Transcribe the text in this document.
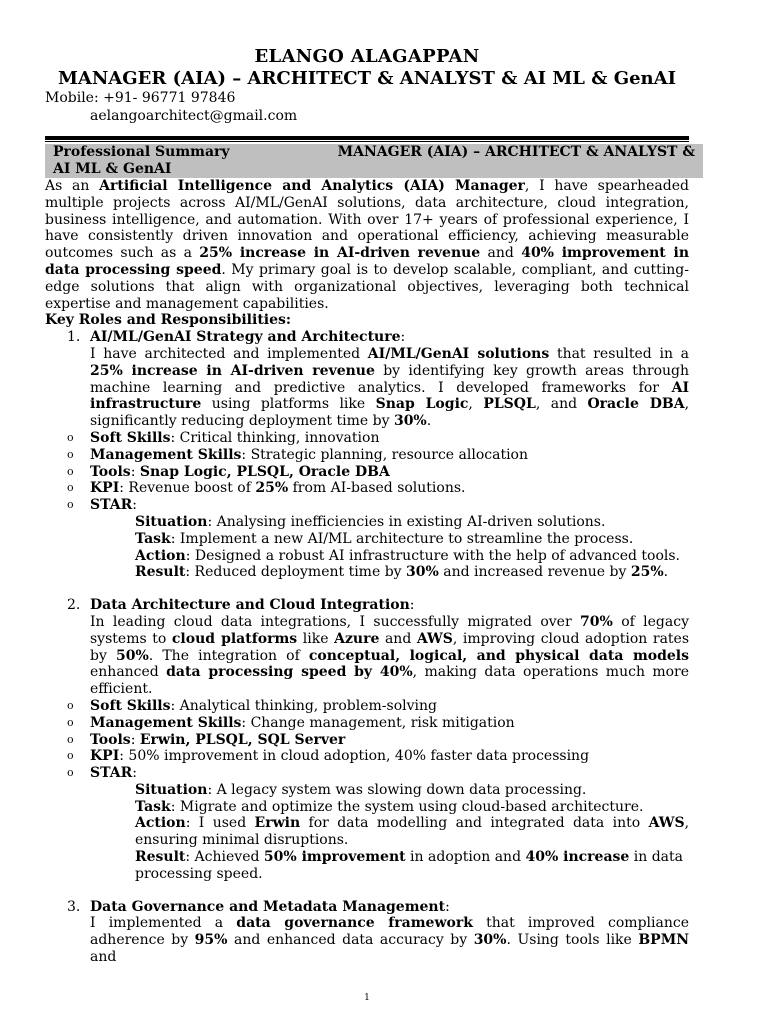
ELANGO ALAGAPPAN
MANAGER (AIA) – ARCHITECT & ANALYST & AI ML & GenAI
Mobile: +91- 96771 97846
aelangoarchitect@gmail.com
Professional Summary	MANAGER (AIA) – ARCHITECT & ANALYST &
AI ML & GenAI

As an Artificial Intelligence and Analytics (AIA) Manager, I have spearheaded multiple projects across AI/ML/GenAI solutions, data architecture, cloud integration, business intelligence, and automation. With over 17+ years of professional experience, I have consistently driven innovation and operational efficiency, achieving measurable outcomes such as a 25% increase in AI-driven revenue and 40% improvement in data processing speed. My primary goal is to develop scalable, compliant, and cutting-edge solutions that align with organizational objectives, leveraging both technical expertise and management capabilities.

Key Roles and Responsibilities:

1. AI/ML/GenAI Strategy and Architecture:

I have architected and implemented AI/ML/GenAI solutions that resulted in a 25% increase in AI-driven revenue by identifying key growth areas through machine learning and predictive analytics. I developed frameworks for AI infrastructure using platforms like Snap Logic, PLSQL, and Oracle DBA, significantly reducing deployment time by 30%.

o Soft Skills: Critical thinking, innovation
o Management Skills: Strategic planning, resource allocation
o Tools: Snap Logic, PLSQL, Oracle DBA
o KPI: Revenue boost of 25% from AI-based solutions.
o STAR:

Situation: Analysing inefficiencies in existing AI-driven solutions.

Task: Implement a new AI/ML architecture to streamline the process.

Action: Designed a robust AI infrastructure with the help of advanced tools.

Result: Reduced deployment time by 30% and increased revenue by 25%.

2. Data Architecture and Cloud Integration:

In leading cloud data integrations, I successfully migrated over 70% of legacy systems to cloud platforms like Azure and AWS, improving cloud adoption rates by 50%. The integration of conceptual, logical, and physical data models enhanced data processing speed by 40%, making data operations much more efficient.

o Soft Skills: Analytical thinking, problem-solving
o Management Skills: Change management, risk mitigation
o Tools: Erwin, PLSQL, SQL Server
o KPI: 50% improvement in cloud adoption, 40% faster data processing
o STAR:

Situation: A legacy system was slowing down data processing.

Task: Migrate and optimize the system using cloud-based architecture.

Action: I used Erwin for data modelling and integrated data into AWS, ensuring minimal disruptions.

Result: Achieved 50% improvement in adoption and 40% increase in data processing speed.

3. Data Governance and Metadata Management:

I implemented a data governance framework that improved compliance adherence by 95% and enhanced data accuracy by 30%. Using tools like BPMN and

1
